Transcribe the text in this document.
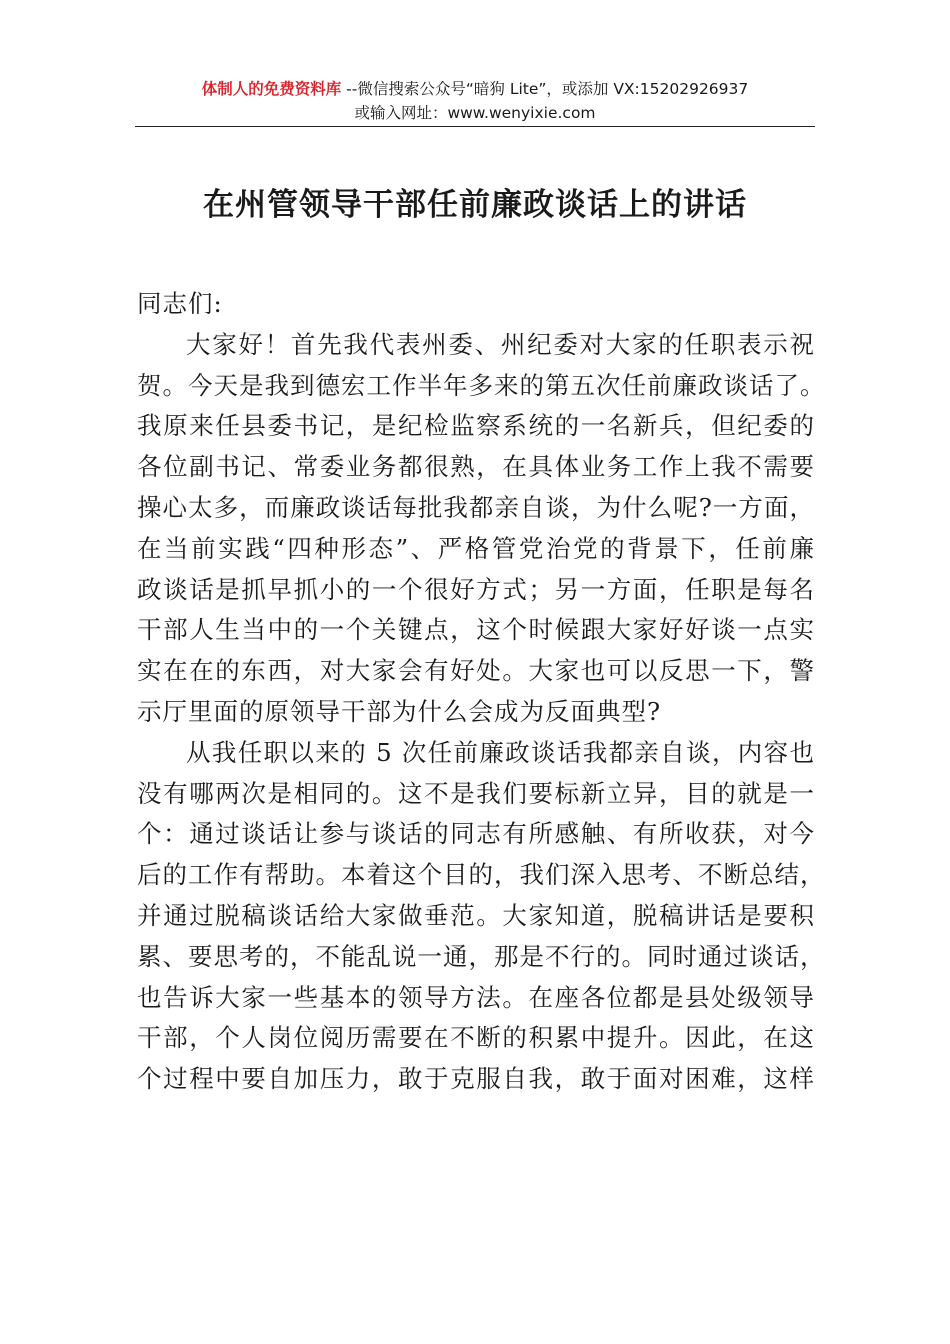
体制人的免费资料库 --微信搜索公众号“暗狗 Lite”，或添加 VX:15202926937
或输入网址：www.wenyixie.com
在州管领导干部任前廉政谈话上的讲话
同志们:
大家好！首先我代表州委、州纪委对大家的任职表示祝
贺。今天是我到德宏工作半年多来的第五次任前廉政谈话了。
我原来任县委书记，是纪检监察系统的一名新兵，但纪委的
各位副书记、常委业务都很熟，在具体业务工作上我不需要
操心太多，而廉政谈话每批我都亲自谈，为什么呢?一方面，
在当前实践“四种形态”、严格管党治党的背景下，任前廉
政谈话是抓早抓小的一个很好方式；另一方面，任职是每名
干部人生当中的一个关键点，这个时候跟大家好好谈一点实
实在在的东西，对大家会有好处。大家也可以反思一下，警
示厅里面的原领导干部为什么会成为反面典型?
从我任职以来的 5 次任前廉政谈话我都亲自谈，内容也
没有哪两次是相同的。这不是我们要标新立异，目的就是一
个：通过谈话让参与谈话的同志有所感触、有所收获，对今
后的工作有帮助。本着这个目的，我们深入思考、不断总结，
并通过脱稿谈话给大家做垂范。大家知道，脱稿讲话是要积
累、要思考的，不能乱说一通，那是不行的。同时通过谈话，
也告诉大家一些基本的领导方法。在座各位都是县处级领导
干部，个人岗位阅历需要在不断的积累中提升。因此，在这
个过程中要自加压力，敢于克服自我，敢于面对困难，这样
